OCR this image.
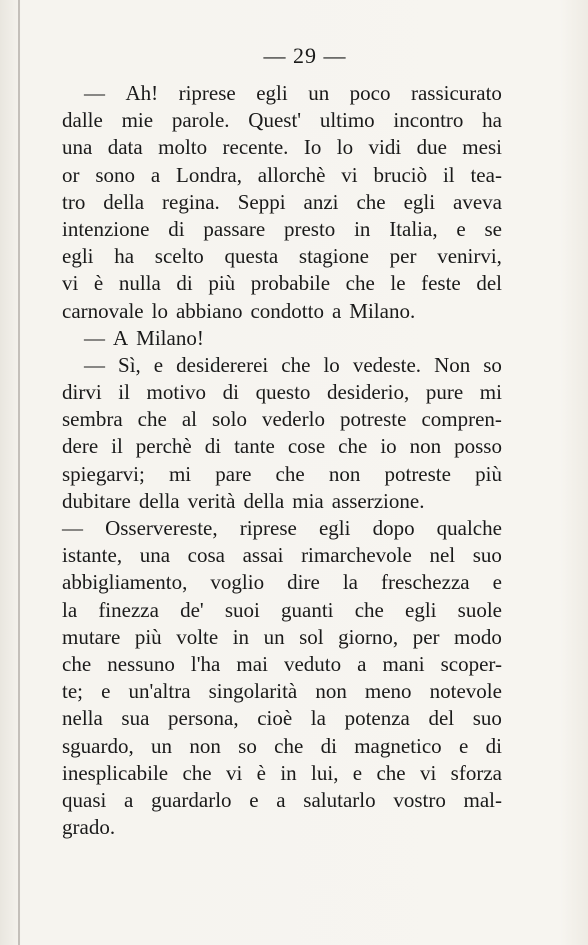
— 29 —
— Ah! riprese egli un poco rassicurato
dalle mie parole. Quest' ultimo incontro ha
una data molto recente. Io lo vidi due mesi
or sono a Londra, allorchè vi bruciò il tea-
tro della regina. Seppi anzi che egli aveva
intenzione di passare presto in Italia, e se
egli ha scelto questa stagione per venirvi,
vi è nulla di più probabile che le feste del
carnovale lo abbiano condotto a Milano.
— A Milano!
— Sì, e desidererei che lo vedeste. Non so
dirvi il motivo di questo desiderio, pure mi
sembra che al solo vederlo potreste compren-
dere il perchè di tante cose che io non posso
spiegarvi; mi pare che non potreste più
dubitare della verità della mia asserzione.
— Osservereste, riprese egli dopo qualche
istante, una cosa assai rimarchevole nel suo
abbigliamento, voglio dire la freschezza e
la finezza de' suoi guanti che egli suole
mutare più volte in un sol giorno, per modo
che nessuno l'ha mai veduto a mani scoper-
te; e un'altra singolarità non meno notevole
nella sua persona, cioè la potenza del suo
sguardo, un non so che di magnetico e di
inesplicabile che vi è in lui, e che vi sforza
quasi a guardarlo e a salutarlo vostro mal-
grado.
